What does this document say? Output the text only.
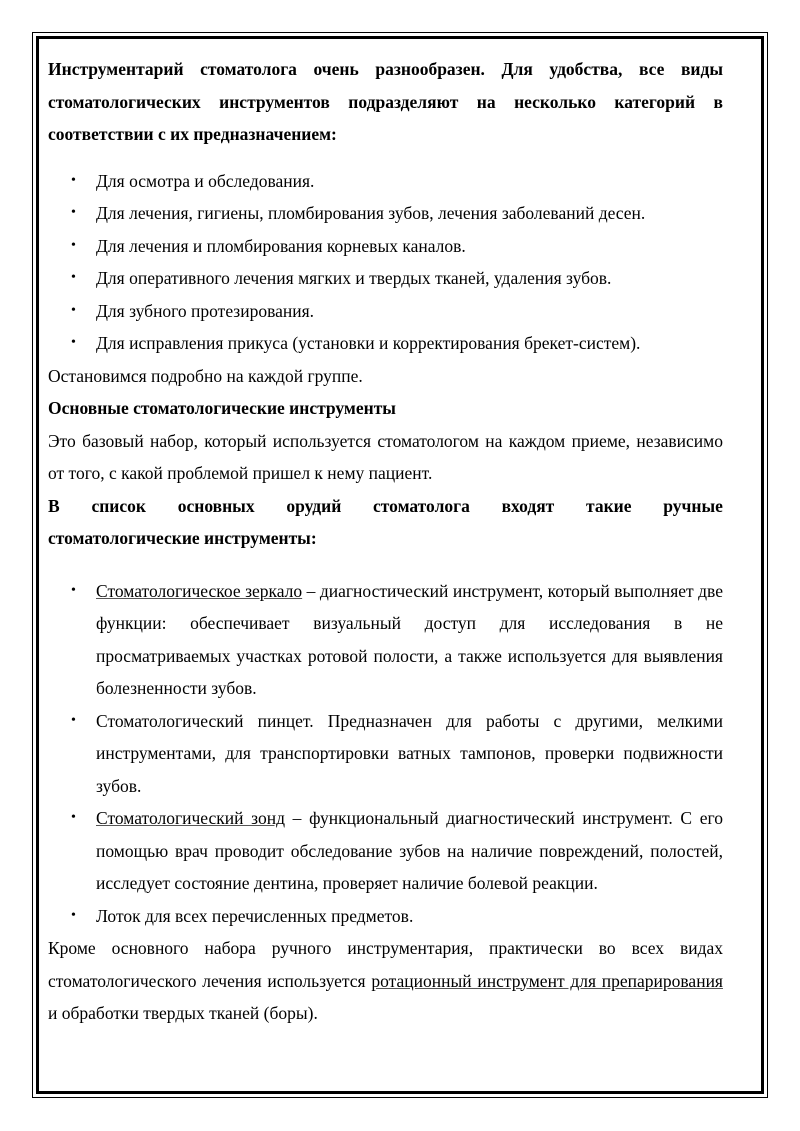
Инструментарий стоматолога очень разнообразен. Для удобства, все виды стоматологических инструментов подразделяют на несколько категорий в соответствии с их предназначением:

• Для осмотра и обследования.
• Для лечения, гигиены, пломбирования зубов, лечения заболеваний десен.
• Для лечения и пломбирования корневых каналов.
• Для оперативного лечения мягких и твердых тканей, удаления зубов.
• Для зубного протезирования.
• Для исправления прикуса (установки и корректирования брекет-систем).

Остановимся подробно на каждой группе.

Основные стоматологические инструменты

Это базовый набор, который используется стоматологом на каждом приеме, независимо от того, с какой проблемой пришел к нему пациент.

В список основных орудий стоматолога входят такие ручные
стоматологические инструменты:
• Стоматологическое зеркало – диагностический инструмент, который выполняет две функции: обеспечивает визуальный доступ для исследования в не просматриваемых участках ротовой полости, а также используется для выявления болезненности зубов.
• Стоматологический пинцет. Предназначен для работы с другими, мелкими инструментами, для транспортировки ватных тампонов, проверки подвижности зубов.
• Стоматологический зонд – функциональный диагностический инструмент. С его помощью врач проводит обследование зубов на наличие повреждений, полостей, исследует состояние дентина, проверяет наличие болевой реакции.
• Лоток для всех перечисленных предметов.

Кроме основного набора ручного инструментария, практически во всех видах стоматологического лечения используется ротационный инструмент для препарирования и обработки твердых тканей (боры).
